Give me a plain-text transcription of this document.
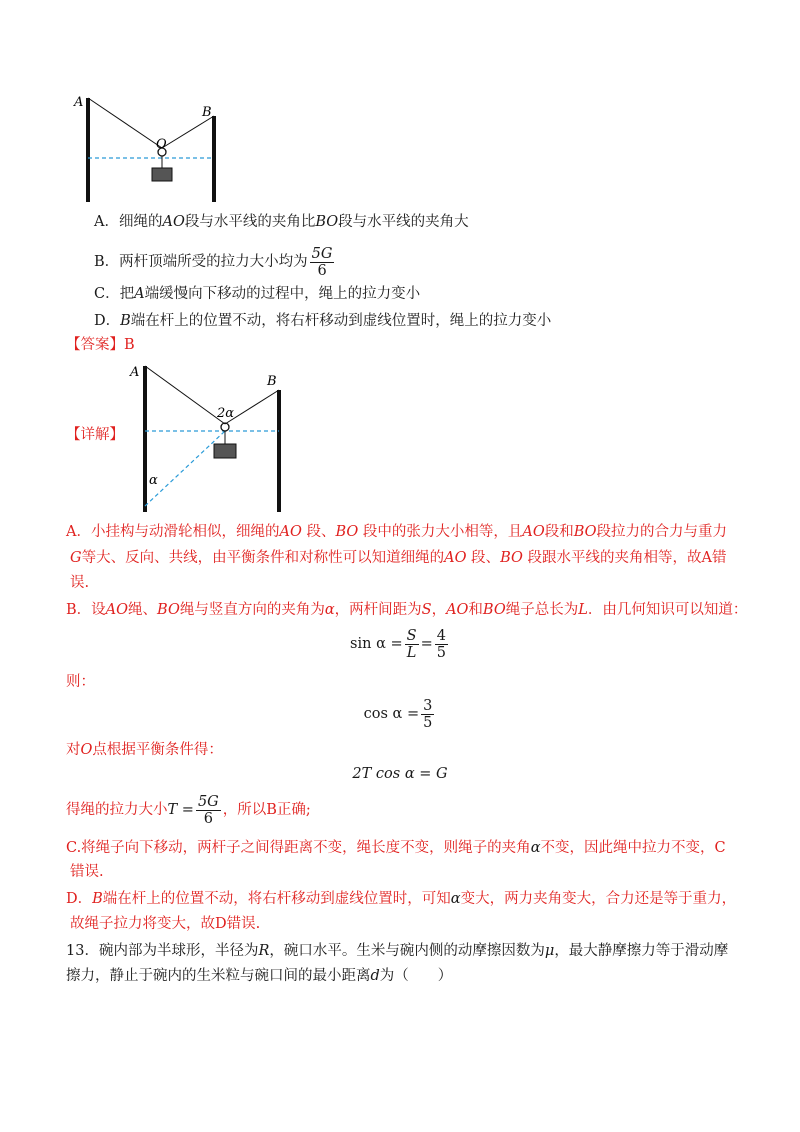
A
B
O
A．细绳的AO段与水平线的夹角比BO段与水平线的夹角大
B．两杆顶端所受的拉力大小均为 $\frac{5G}{6}$
C．把A端缓慢向下移动的过程中，绳上的拉力变小
D．B端在杆上的位置不动，将右杆移动到虚线位置时，绳上的拉力变小
【答案】B
【详解】
A
B
2α
α
A．小挂构与动滑轮相似，细绳的AO 段、BO 段中的张力大小相等，且AO段和BO段拉力的合力与重力
G等大、反向、共线，由平衡条件和对称性可以知道细绳的AO 段、BO 段跟水平线的夹角相等，故A错
误.
B．设AO绳、BO绳与竖直方向的夹角为α，两杆间距为S，AO和BO绳子总长为L．由几何知识可以知道：
$\sin \alpha = \frac{S}{L} = \frac{4}{5}$
则：
$\cos \alpha = \frac{3}{5}$
对O点根据平衡条件得：
2T cos α = G
得绳的拉力大小$T = \frac{5G}{6}$ ，所以B正确;
C.将绳子向下移动，两杆子之间得距离不变，绳长度不变，则绳子的夹角α不变，因此绳中拉力不变，C
错误.
D．B端在杆上的位置不动，将右杆移动到虚线位置时，可知α变大，两力夹角变大，合力还是等于重力，
故绳子拉力将变大，故D错误.
13．碗内部为半球形，半径为R，碗口水平。生米与碗内侧的动摩擦因数为μ，最大静摩擦力等于滑动摩
擦力，静止于碗内的生米粒与碗口间的最小距离d为（　　）
